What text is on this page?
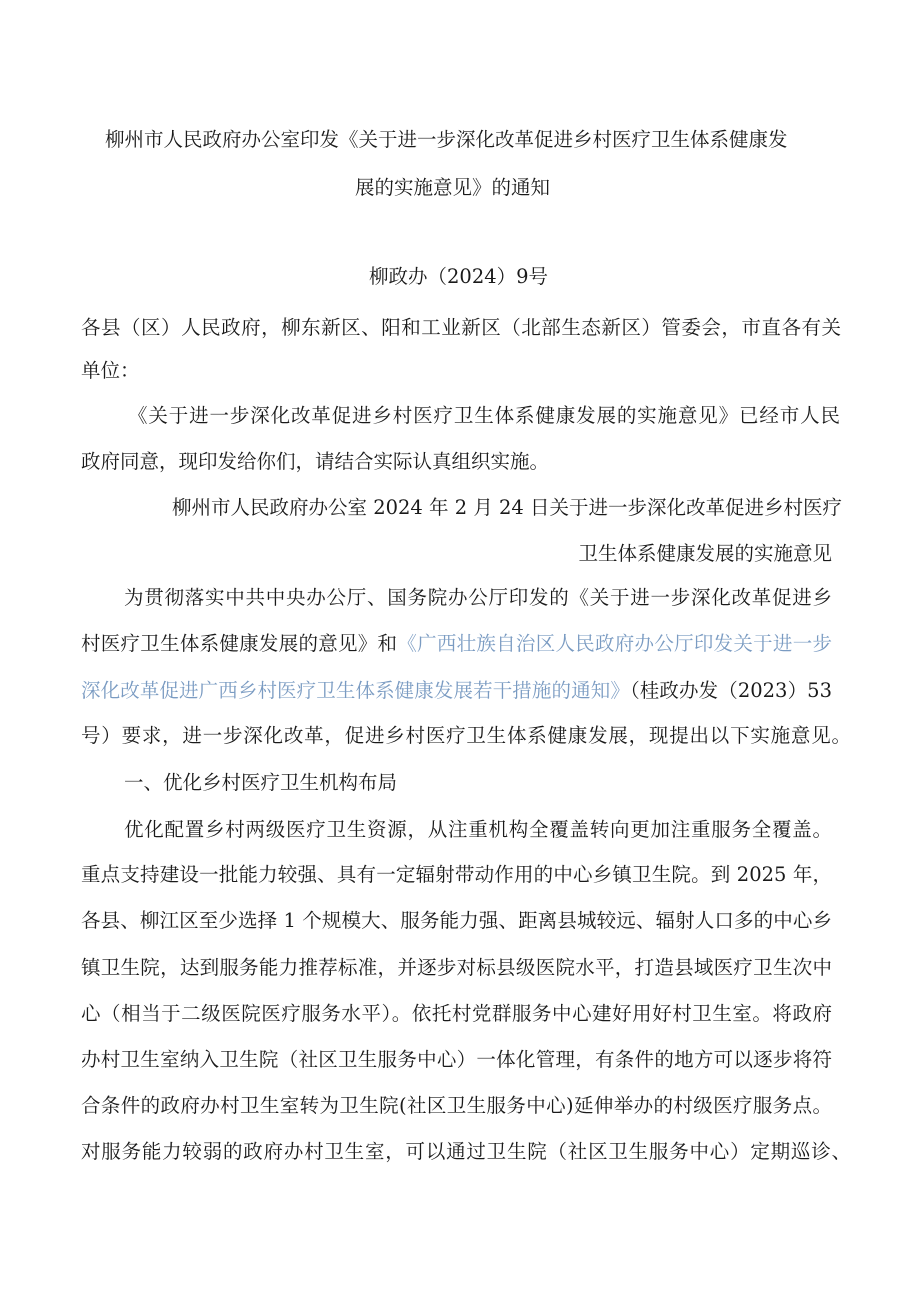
柳州市人民政府办公室印发《关于进一步深化改革促进乡村医疗卫生体系健康发

展的实施意见》的通知

柳政办（2024）9号

各县（区）人民政府，柳东新区、阳和工业新区（北部生态新区）管委会，市直各有关

单位：

《关于进一步深化改革促进乡村医疗卫生体系健康发展的实施意见》已经市人民

政府同意，现印发给你们，请结合实际认真组织实施。

柳州市人民政府办公室 2024 年 2 月 24 日关于进一步深化改革促进乡村医疗

卫生体系健康发展的实施意见

为贯彻落实中共中央办公厅、国务院办公厅印发的《关于进一步深化改革促进乡

村医疗卫生体系健康发展的意见》和《广西壮族自治区人民政府办公厅印发关于进一步

深化改革促进广西乡村医疗卫生体系健康发展若干措施的通知》（桂政办发（2023）53

号）要求，进一步深化改革，促进乡村医疗卫生体系健康发展，现提出以下实施意见。

一、优化乡村医疗卫生机构布局

优化配置乡村两级医疗卫生资源，从注重机构全覆盖转向更加注重服务全覆盖。

重点支持建设一批能力较强、具有一定辐射带动作用的中心乡镇卫生院。到 2025 年，

各县、柳江区至少选择 1 个规模大、服务能力强、距离县城较远、辐射人口多的中心乡

镇卫生院，达到服务能力推荐标准，并逐步对标县级医院水平，打造县域医疗卫生次中

心（相当于二级医院医疗服务水平）。依托村党群服务中心建好用好村卫生室。将政府

办村卫生室纳入卫生院（社区卫生服务中心）一体化管理，有条件的地方可以逐步将符

合条件的政府办村卫生室转为卫生院(社区卫生服务中心)延伸举办的村级医疗服务点。

对服务能力较弱的政府办村卫生室，可以通过卫生院（社区卫生服务中心）定期巡诊、
